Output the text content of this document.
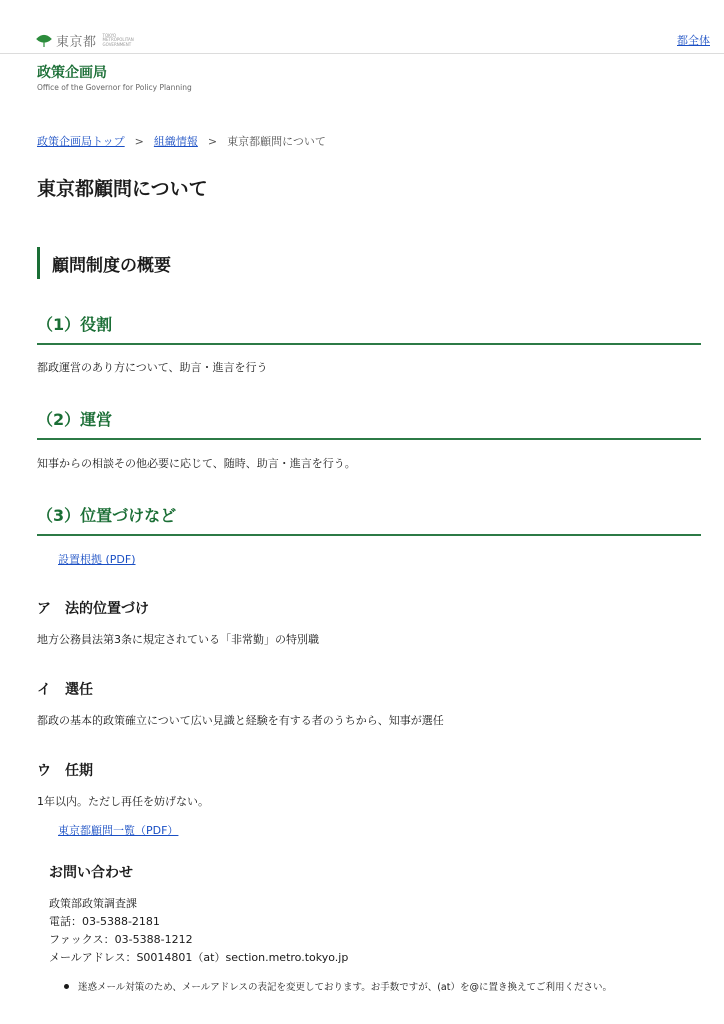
東京都 TOKYO METROPOLITAN GOVERNMENT	都全体
政策企画局
Office of the Governor for Policy Planning
政策企画局トップ > 組織情報 > 東京都顧問について
東京都顧問について
顧問制度の概要
（1）役割
都政運営のあり方について、助言・進言を行う
（2）運営
知事からの相談その他必要に応じて、随時、助言・進言を行う。
（3）位置づけなど
設置根拠 (PDF)
ア　法的位置づけ
地方公務員法第3条に規定されている「非常勤」の特別職
イ　選任
都政の基本的政策確立について広い見識と経験を有する者のうちから、知事が選任
ウ　任期
1年以内。ただし再任を妨げない。
東京都顧問一覧（PDF）
お問い合わせ
政策部政策調査課
電話：03-5388-2181
ファックス：03-5388-1212
メールアドレス：S0014801（at）section.metro.tokyo.jp
迷惑メール対策のため、メールアドレスの表記を変更しております。お手数ですが、(at）を@に置き換えてご利用ください。
